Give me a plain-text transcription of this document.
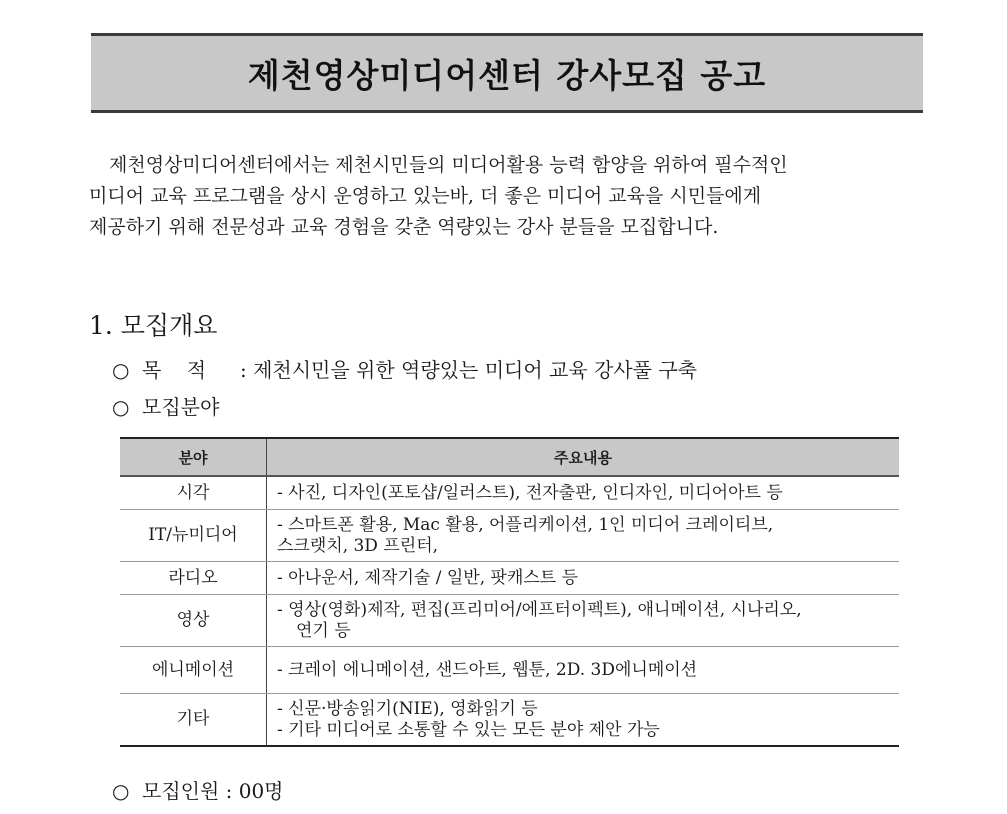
제천영상미디어센터 강사모집 공고

제천영상미디어센터에서는 제천시민들의 미디어활용 능력 함양을 위하여 필수적인
미디어 교육 프로그램을 상시 운영하고 있는바, 더 좋은 미디어 교육을 시민들에게
제공하기 위해 전문성과 교육 경험을 갖춘 역량있는 강사 분들을 모집합니다.

1. 모집개요
○ 목    적 : 제천시민을 위한 역량있는 미디어 교육 강사풀 구축
○ 모집분야
분야	주요내용
시각	- 사진, 디자인(포토샵/일러스트), 전자출판, 인디자인, 미디어아트 등

IT/뉴미디어	- 스마트폰 활용, Mac 활용, 어플리케이션, 1인 미디어 크레이티브,
스크랫치, 3D 프린터,

라디오	- 아나운서, 제작기술 / 일반, 팟캐스트 등

영상	- 영상(영화)제작, 편집(프리미어/에프터이펙트), 애니메이션, 시나리오,
연기 등

에니메이션	- 크레이 에니메이션, 샌드아트, 웹툰, 2D. 3D에니메이션

기타	- 신문·방송읽기(NIE), 영화읽기 등
- 기타 미디어로 소통할 수 있는 모든 분야 제안 가능
○ 모집인원 : 00명
